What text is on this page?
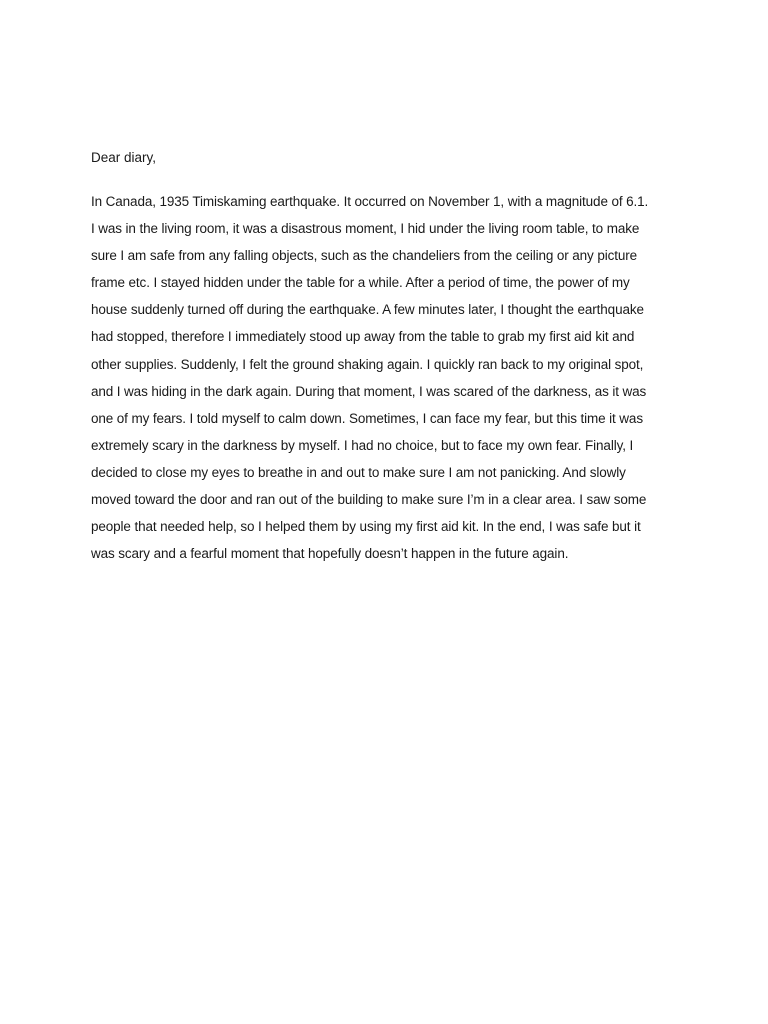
Dear diary,

In Canada, 1935 Timiskaming earthquake. It occurred on November 1, with a magnitude of 6.1.
I was in the living room, it was a disastrous moment, I hid under the living room table, to make
sure I am safe from any falling objects, such as the chandeliers from the ceiling or any picture
frame etc. I stayed hidden under the table for a while. After a period of time, the power of my
house suddenly turned off during the earthquake. A few minutes later, I thought the earthquake
had stopped, therefore I immediately stood up away from the table to grab my first aid kit and
other supplies. Suddenly, I felt the ground shaking again. I quickly ran back to my original spot,
and I was hiding in the dark again. During that moment, I was scared of the darkness, as it was
one of my fears. I told myself to calm down. Sometimes, I can face my fear, but this time it was
extremely scary in the darkness by myself. I had no choice, but to face my own fear. Finally, I
decided to close my eyes to breathe in and out to make sure I am not panicking. And slowly
moved toward the door and ran out of the building to make sure I’m in a clear area. I saw some
people that needed help, so I helped them by using my first aid kit. In the end, I was safe but it
was scary and a fearful moment that hopefully doesn’t happen in the future again.
